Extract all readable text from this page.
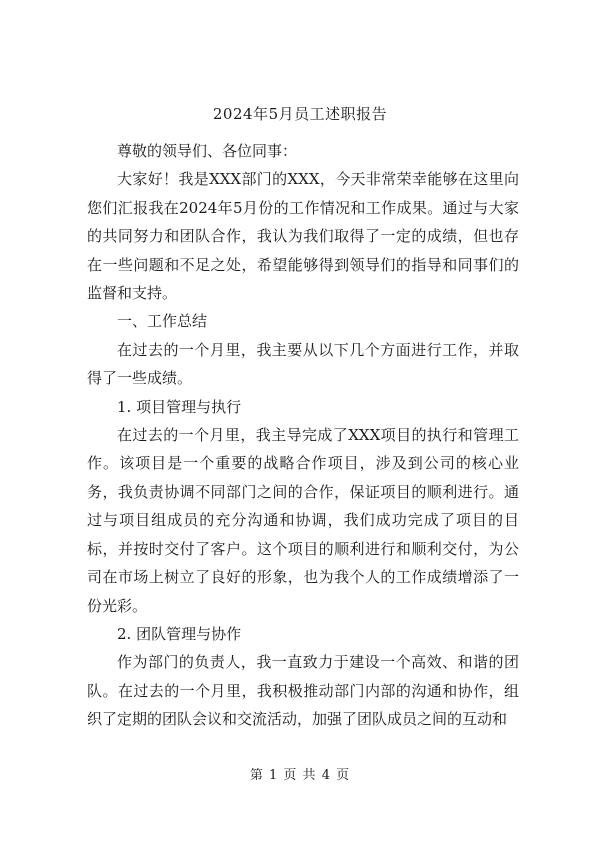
2024年5月员工述职报告

尊敬的领导们、各位同事：

大家好！我是XXX部门的XXX，今天非常荣幸能够在这里向您们汇报我在2024年5月份的工作情况和工作成果。通过与大家的共同努力和团队合作，我认为我们取得了一定的成绩，但也存在一些问题和不足之处，希望能够得到领导们的指导和同事们的监督和支持。

一、工作总结

在过去的一个月里，我主要从以下几个方面进行工作，并取得了一些成绩。

1. 项目管理与执行

在过去的一个月里，我主导完成了XXX项目的执行和管理工作。该项目是一个重要的战略合作项目，涉及到公司的核心业务，我负责协调不同部门之间的合作，保证项目的顺利进行。通过与项目组成员的充分沟通和协调，我们成功完成了项目的目标，并按时交付了客户。这个项目的顺利进行和顺利交付，为公司在市场上树立了良好的形象，也为我个人的工作成绩增添了一份光彩。

2. 团队管理与协作

作为部门的负责人，我一直致力于建设一个高效、和谐的团队。在过去的一个月里，我积极推动部门内部的沟通和协作，组织了定期的团队会议和交流活动，加强了团队成员之间的互动和

第 1 页 共 4 页
